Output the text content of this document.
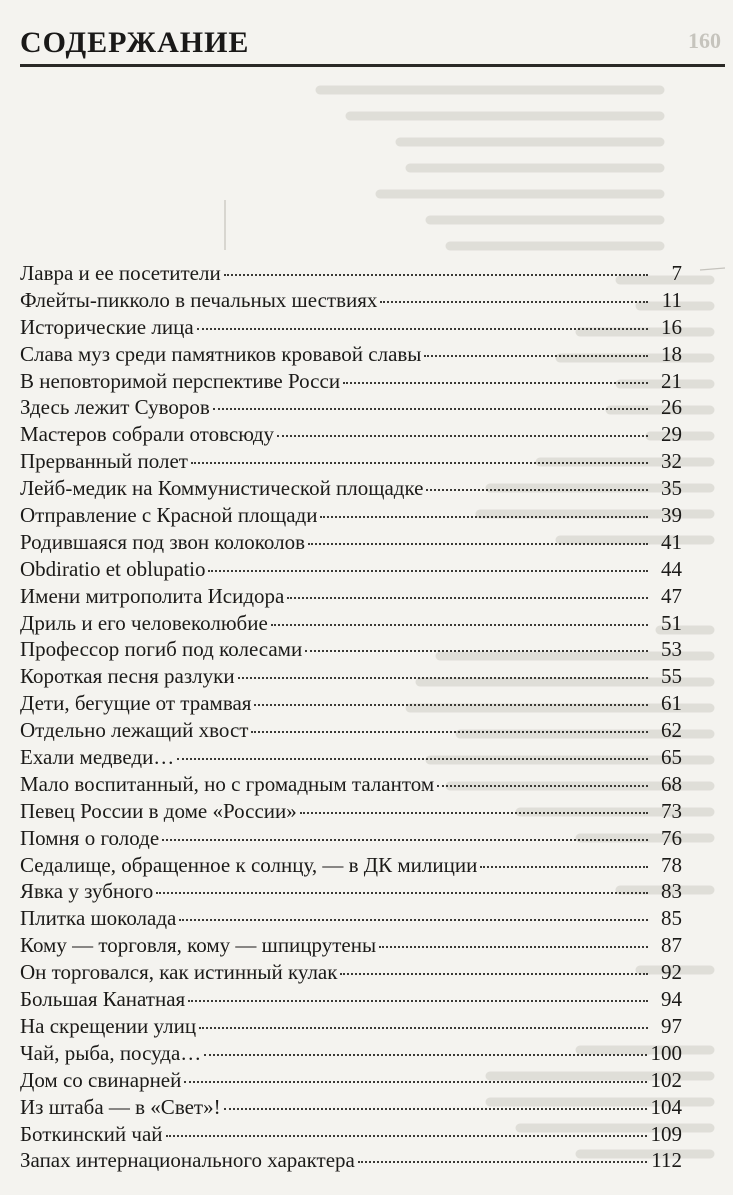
160
СОДЕРЖАНИЕ
Лавра и ее посетители	7
Флейты-пикколо в печальных шествиях	11
Исторические лица	16
Слава муз среди памятников кровавой славы	18
В неповторимой перспективе Росси	21
Здесь лежит Суворов	26
Мастеров собрали отовсюду	29
Прерванный полет	32
Лейб-медик на Коммунистической площадке	35
Отправление с Красной площади	39
Родившаяся под звон колоколов	41
Obdiratio et oblupatio	44
Имени митрополита Исидора	47
Дриль и его человеколюбие	51
Профессор погиб под колесами	53
Короткая песня разлуки	55
Дети, бегущие от трамвая	61
Отдельно лежащий хвост	62
Ехали медведи…	65
Мало воспитанный, но с громадным талантом	68
Певец России в доме «России»	73
Помня о голоде	76
Седалище, обращенное к солнцу, — в ДК милиции	78
Явка у зубного	83
Плитка шоколада	85
Кому — торговля, кому — шпицрутены	87
Он торговался, как истинный кулак	92
Большая Канатная	94
На скрещении улиц	97
Чай, рыба, посуда…	100
Дом со свинарней	102
Из штаба — в «Свет»!	104
Боткинский чай	109
Запах интернационального характера	112
